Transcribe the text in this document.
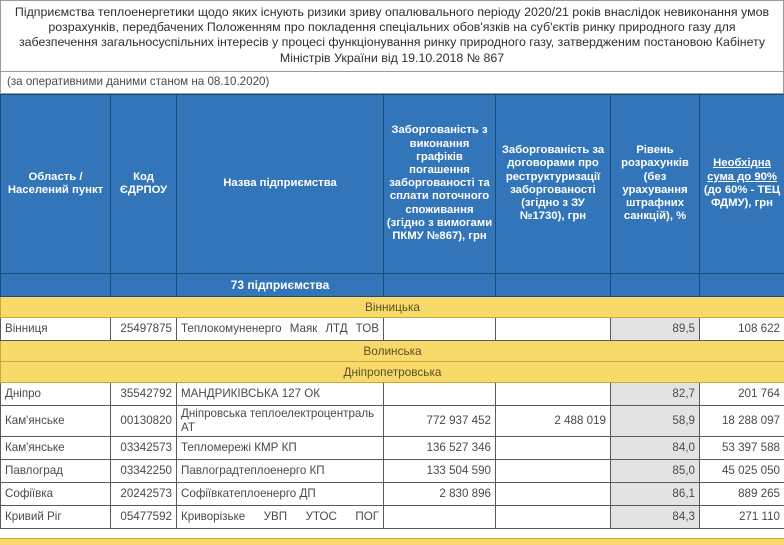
Підприємства теплоенергетики щодо яких існують ризики зриву опалювального періоду 2020/21 років внаслідок невиконання умов розрахунків, передбачених Положенням про покладення спеціальних обов'язків на суб'єктів ринку природного газу для забезпечення загальносуспільних інтересів у процесі функціонування ринку природного газу, затвердженим постановою Кабінету Міністрів України від 19.10.2018 № 867
(за оперативними даними станом на 08.10.2020)
Область / Населений пункт	Код ЄДРПОУ	Назва підприємства	Заборгованість з виконання графіків погашення заборгованості та сплати поточного споживання (згідно з вимогами ПКМУ №867), грн	Заборгованість за договорами про реструктуризації заборгованості (згідно з ЗУ №1730), грн	Рівень розрахунків (без урахування штрафних санкцій), %	Необхідна сума до 90% (до 60% - ТЕЦ ФДМУ), грн
		73 підприємства				
Вінницька						
Вінниця	25497875	Теплокомуненерго Маяк ЛТД ТОВ			89,5	108 622
Волинська						
Дніпропетровська						
Дніпро	35542792	МАНДРИКІВСЬКА 127 ОК			82,7	201 764
Кам'янське	00130820	Дніпровська теплоелектроцентраль АТ	772 937 452	2 488 019	58,9	18 288 097
Кам'янське	03342573	Тепломережі КМР КП	136 527 346		84,0	53 397 588
Павлоград	03342250	Павлоградтеплоенерго КП	133 504 590		85,0	45 025 050
Софіївка	20242573	Софіївкатеплоенерго ДП	2 830 896		86,1	889 265
Кривий Ріг	05477592	Криворізьке УВП УТОС ПОГ			84,3	271 110
